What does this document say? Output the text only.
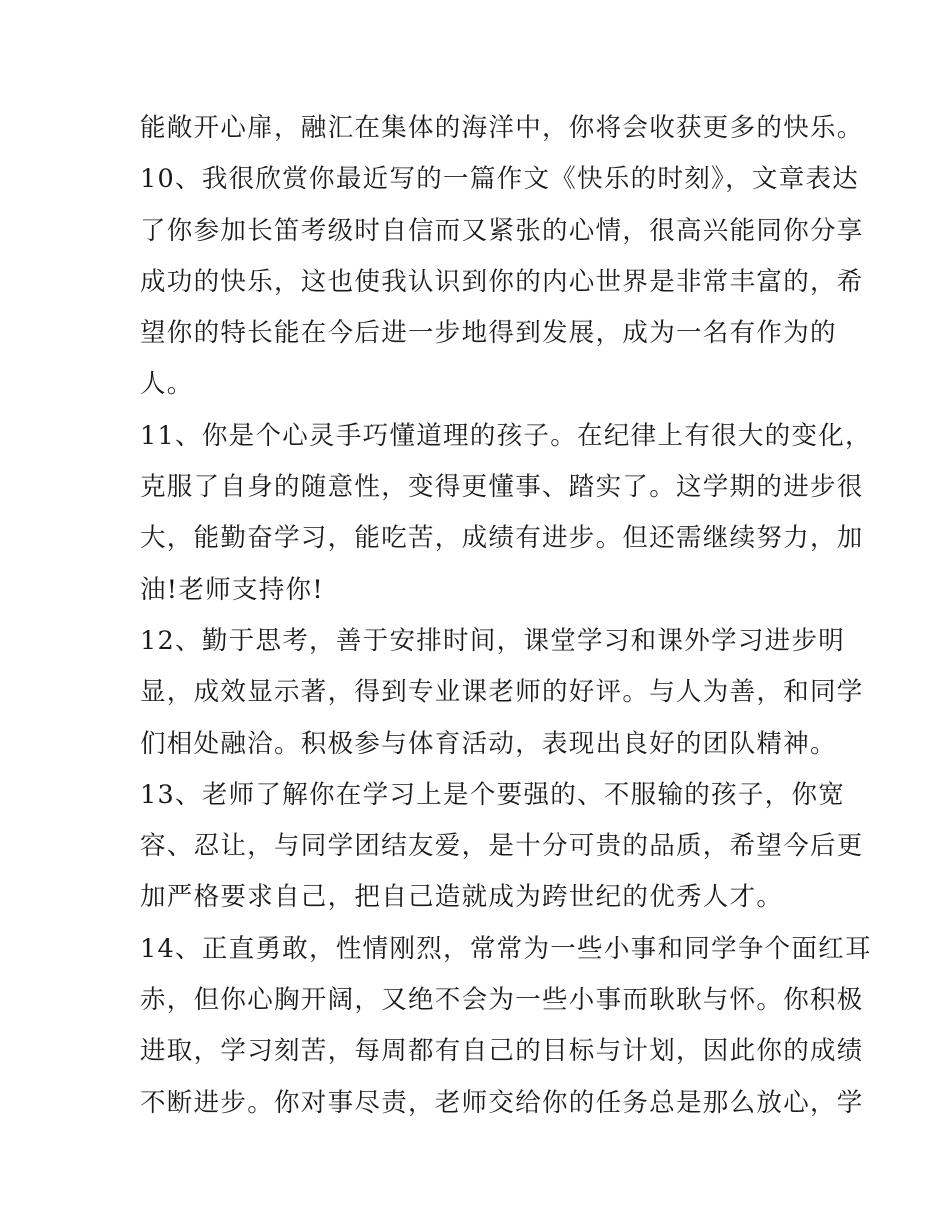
能敞开心扉，融汇在集体的海洋中，你将会收获更多的快乐。
10、我很欣赏你最近写的一篇作文《快乐的时刻》，文章表达
了你参加长笛考级时自信而又紧张的心情，很高兴能同你分享
成功的快乐，这也使我认识到你的内心世界是非常丰富的，希
望你的特长能在今后进一步地得到发展，成为一名有作为的
人。
11、你是个心灵手巧懂道理的孩子。在纪律上有很大的变化，
克服了自身的随意性，变得更懂事、踏实了。这学期的进步很
大，能勤奋学习，能吃苦，成绩有进步。但还需继续努力，加
油!老师支持你!
12、勤于思考，善于安排时间，课堂学习和课外学习进步明
显，成效显示著，得到专业课老师的好评。与人为善，和同学
们相处融洽。积极参与体育活动，表现出良好的团队精神。
13、老师了解你在学习上是个要强的、不服输的孩子，你宽
容、忍让，与同学团结友爱，是十分可贵的品质，希望今后更
加严格要求自己，把自己造就成为跨世纪的优秀人才。
14、正直勇敢，性情刚烈，常常为一些小事和同学争个面红耳
赤，但你心胸开阔，又绝不会为一些小事而耿耿与怀。你积极
进取，学习刻苦，每周都有自己的目标与计划，因此你的成绩
不断进步。你对事尽责，老师交给你的任务总是那么放心，学
